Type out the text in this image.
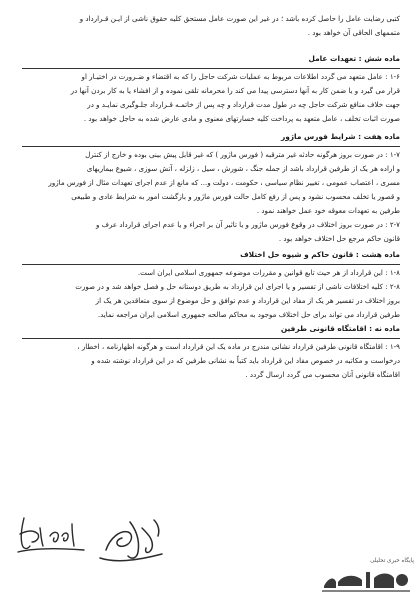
کتبی رضایت عامل را حاصل کرده باشد ؛ در غیر این صورت عامل مستحق کلیه حقوق ناشی از ایـن قـرارداد و
متممهای الحاقی آن خواهد بود .
ماده شش : تعهدات عامل
۱-۶ : عامل متعهد می گردد اطلاعات مربوط به عملیات شرکت حاجل را که به اقتضاء و ضـرورت در اختیـار او
قرار می گیرد و یا ضمن کار به آنها دسترسی پیدا می کند را محرمانه تلقی نموده و از افشاء یا به کار بردن آنها در
جهت خلاف منافع شرکت حاجل چه در طول مدت قرارداد و چه پس از خاتمـه قـرارداد جلـوگیری نمایـد و در
صورت اثبات تخلف ، عامل متعهد به پرداخت کلیه خسارتهای معنوی و مادی عارض شده به حاجل خواهد بود .
ماده هفت : شرایط فورس ماژور
۱-۷ : در صورت بروز هرگونه حادثه غیر مترقبه ( فورس ماژور ) که غیر قابل پیش بینی بوده و خارج از کنترل
و اراده هر یک از طرفین قرارداد باشد از جمله جنگ ، شورش ، سیل ، زلزله ، آتش سوزی ، شیوع بیماریهای
مسری ، اعتصاب عمومی ، تغییر نظام سیاسی ، حکومت ، دولت و... که مانع از عدم اجرای تعهدات مثال از فورس ماژور
و قصور یا تخلف محسوب نشود و پس از رفع کامل حالت فورس ماژور و بازگشت امور به شرایط عادی و طبیعی
طرفین به تعهدات معوقه خود عمل خواهند نمود .
۲-۷ : در صورت بروز اختلاف در وقوع فورس ماژور و یا تاثیر آن بر اجراء و یا عدم اجرای قرارداد عرف و
قانون حاکم مرجع حل اختلاف خواهد بود .
ماده هشت : قانون حاکم و شیوه حل اختلاف
۱-۸ : این قرارداد از هر حیث تابع قوانین و مقررات موضوعه جمهوری اسلامی ایران است.
۲-۸ : کلیه اختلافات ناشی از تفسیر و یا اجرای این قرارداد به طریق دوستانه حل و فصل خواهد شد و در صورت
بروز اختلاف در تفسیر هر یک از مفاد این قرارداد و عدم توافق و حل موضوع از سوی متعاقدین هر یک از
طرفین قرارداد می تواند برای حل اختلاف موجود به محاکم صالحه جمهوری اسلامی ایران مراجعه نماید.
ماده نه : اقامتگاه قانونی طرفین
۱-۹ : اقامتگاه قانونی طرفین قرارداد نشانی مندرج در ماده یک این قرارداد است و هرگونه اظهارنامه ، اخطار ،
درخواست و مکاتبه در خصوص مفاد این قرارداد باید کتباً به نشانی طرفین که در این قرارداد نوشته شده و
اقامتگاه قانونی آنان محسوب می گردد ارسال گردد .
پایگاه خبری تحلیلی
